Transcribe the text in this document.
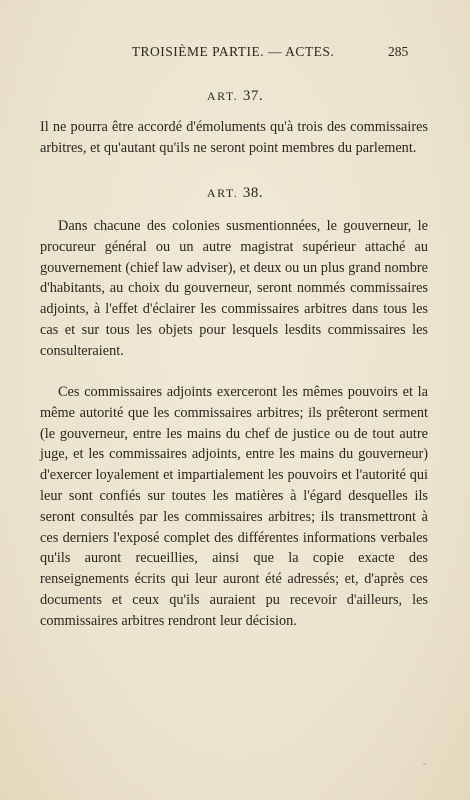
TROISIÈME PARTIE. — ACTES.	285
ART. 37.

Il ne pourra être accordé d'émoluments qu'à trois des commissaires arbitres, et qu'autant qu'ils ne seront point membres du parlement.

ART. 38.

Dans chacune des colonies susmentionnées, le gouverneur, le procureur général ou un autre magistrat supérieur attaché au gouvernement (chief law adviser), et deux ou un plus grand nombre d'habitants, au choix du gouverneur, seront nommés commissaires adjoints, à l'effet d'éclairer les commissaires arbitres dans tous les cas et sur tous les objets pour lesquels lesdits commissaires les consulteraient.

Ces commissaires adjoints exerceront les mêmes pouvoirs et la même autorité que les commissaires arbitres; ils prêteront serment (le gouverneur, entre les mains du chef de justice ou de tout autre juge, et les commissaires adjoints, entre les mains du gouverneur) d'exercer loyalement et impartialement les pouvoirs et l'autorité qui leur sont confiés sur toutes les matières à l'égard desquelles ils seront consultés par les commissaires arbitres; ils transmettront à ces derniers l'exposé complet des différentes informations verbales qu'ils auront recueillies, ainsi que la copie exacte des renseignements écrits qui leur auront été adressés; et, d'après ces documents et ceux qu'ils auraient pu recevoir d'ailleurs, les commissaires arbitres rendront leur décision.

ˇ
